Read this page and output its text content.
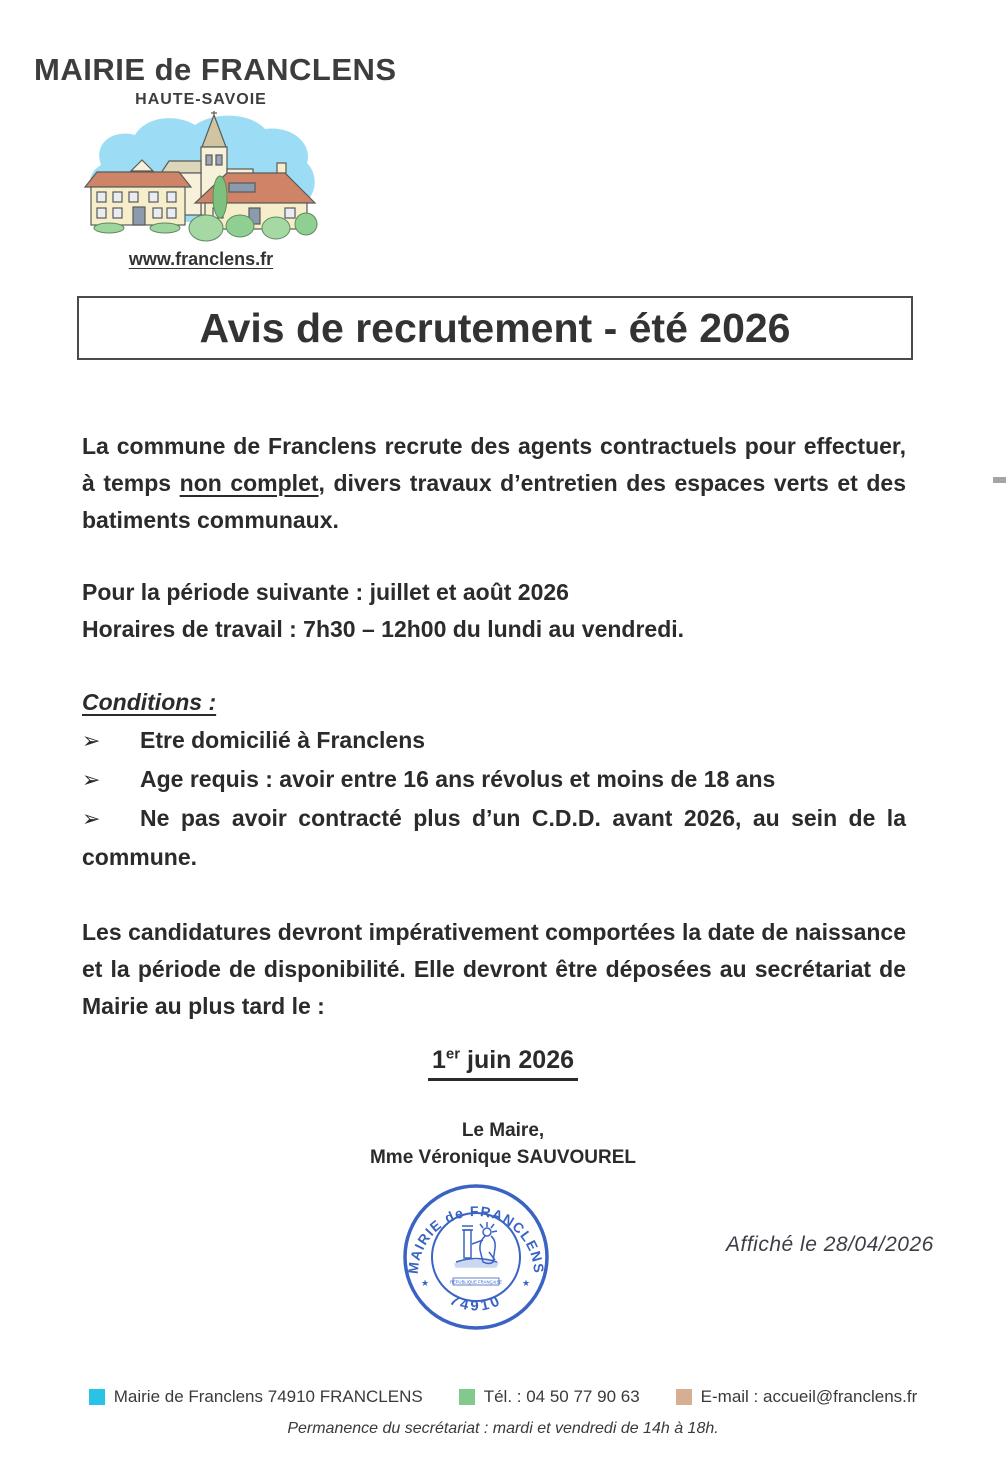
MAIRIE de FRANCLENS
HAUTE-SAVOIE
www.franclens.fr
Avis de recrutement - été 2026

La commune de Franclens recrute des agents contractuels pour effectuer, à temps non complet, divers travaux d’entretien des espaces verts et des batiments communaux.

Pour la période suivante : juillet et août 2026
Horaires de travail : 7h30 – 12h00 du lundi au vendredi.

Conditions :

➢ Etre domicilié à Franclens
➢ Age requis : avoir entre 16 ans révolus et moins de 18 ans
➢ Ne pas avoir contracté plus d’un C.D.D. avant 2026, au sein de la commune.

Les candidatures devront impérativement comportées la date de naissance et la période de disponibilité. Elle devront être déposées au secrétariat de Mairie au plus tard le :

1er juin 2026
Le Maire,
Mme Véronique SAUVOUREL
MAIRIE de FRANCLENS
74910
★	★
RÉPUBLIQUE FRANÇAISE
Affiché le 28/04/2026
Mairie de Franclens 74910 FRANCLENS	Tél. : 04 50 77 90 63	E-mail : accueil@franclens.fr
Permanence du secrétariat : mardi et vendredi de 14h à 18h.
